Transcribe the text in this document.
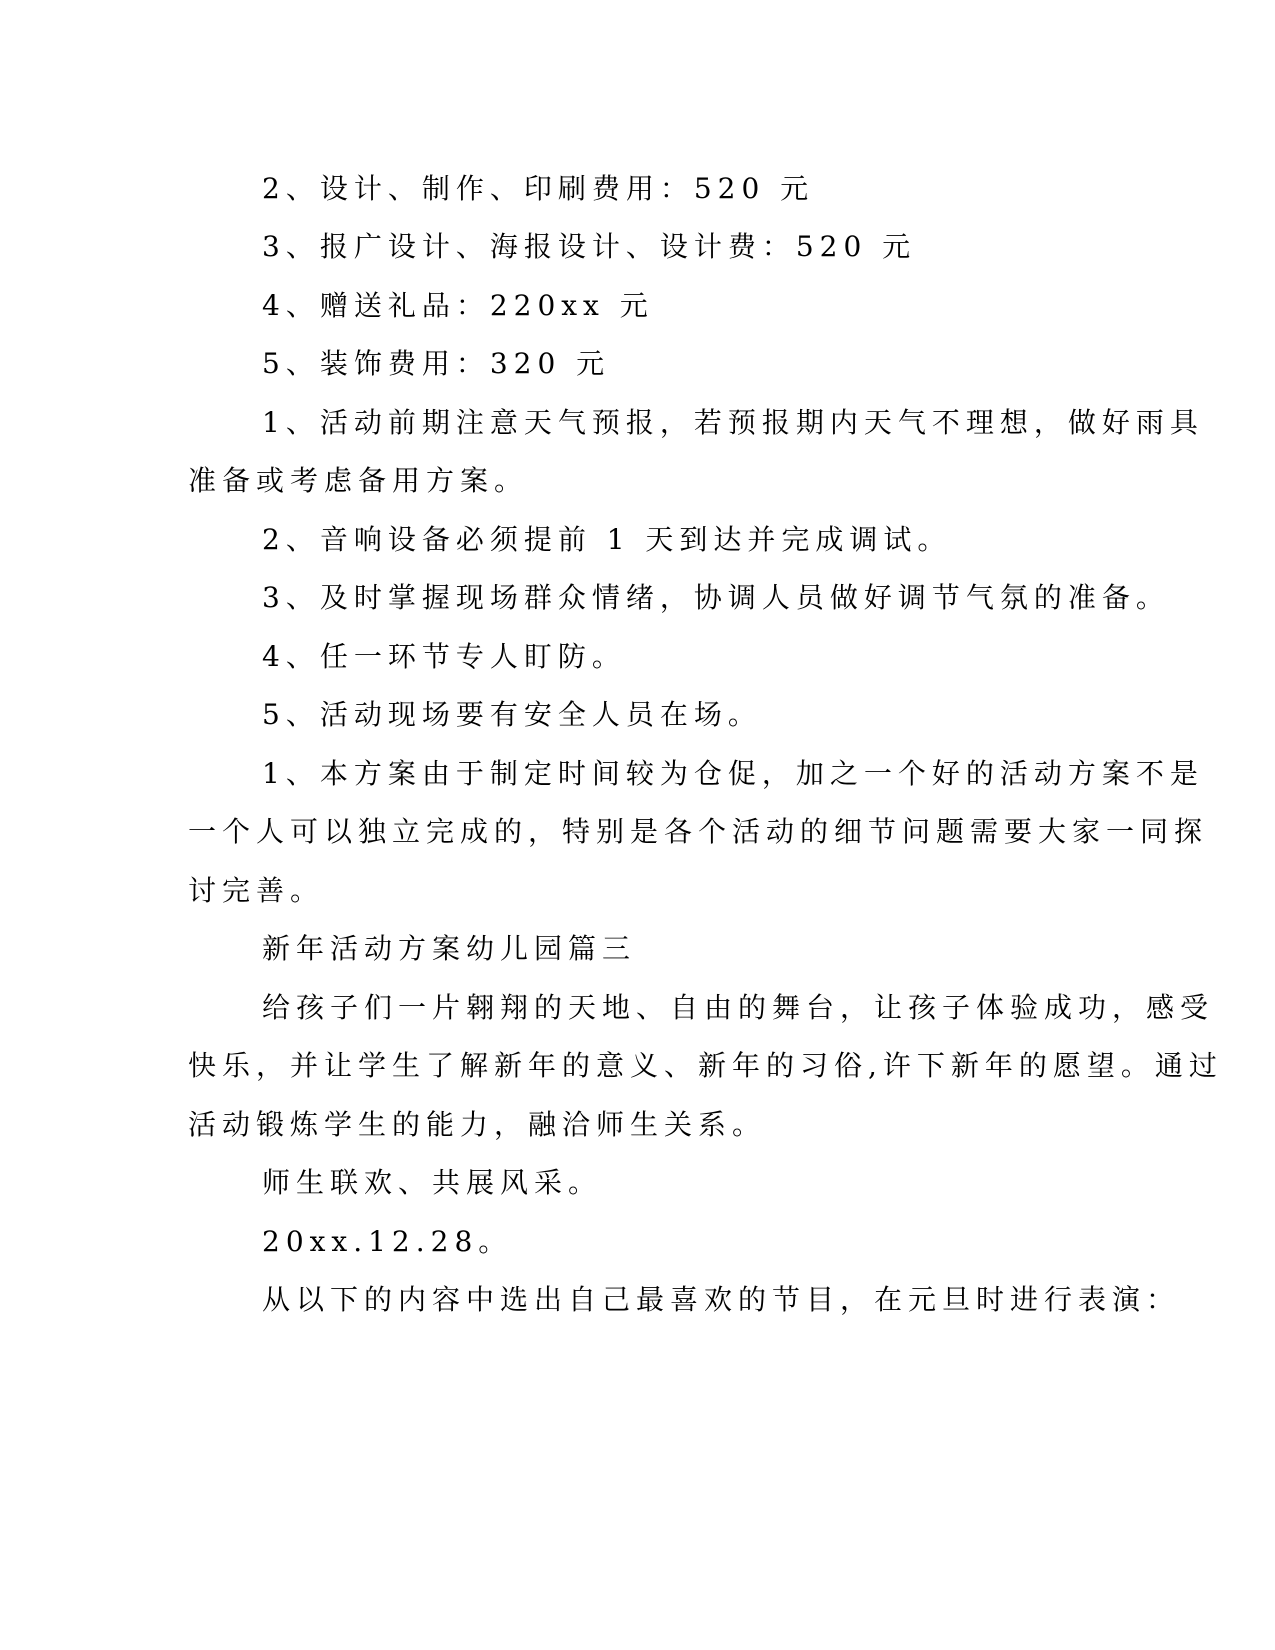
2、设计、制作、印刷费用：520 元
3、报广设计、海报设计、设计费：520 元
4、赠送礼品：220xx 元
5、装饰费用：320 元
1、活动前期注意天气预报，若预报期内天气不理想，做好雨具
准备或考虑备用方案。
2、音响设备必须提前 1 天到达并完成调试。
3、及时掌握现场群众情绪，协调人员做好调节气氛的准备。
4、任一环节专人盯防。
5、活动现场要有安全人员在场。
1、本方案由于制定时间较为仓促，加之一个好的活动方案不是
一个人可以独立完成的，特别是各个活动的细节问题需要大家一同探
讨完善。
新年活动方案幼儿园篇三
给孩子们一片翱翔的天地、自由的舞台，让孩子体验成功，感受
快乐，并让学生了解新年的意义、新年的习俗,许下新年的愿望。通过
活动锻炼学生的能力，融洽师生关系。
师生联欢、共展风采。
20xx.12.28。
从以下的内容中选出自己最喜欢的节目，在元旦时进行表演：
